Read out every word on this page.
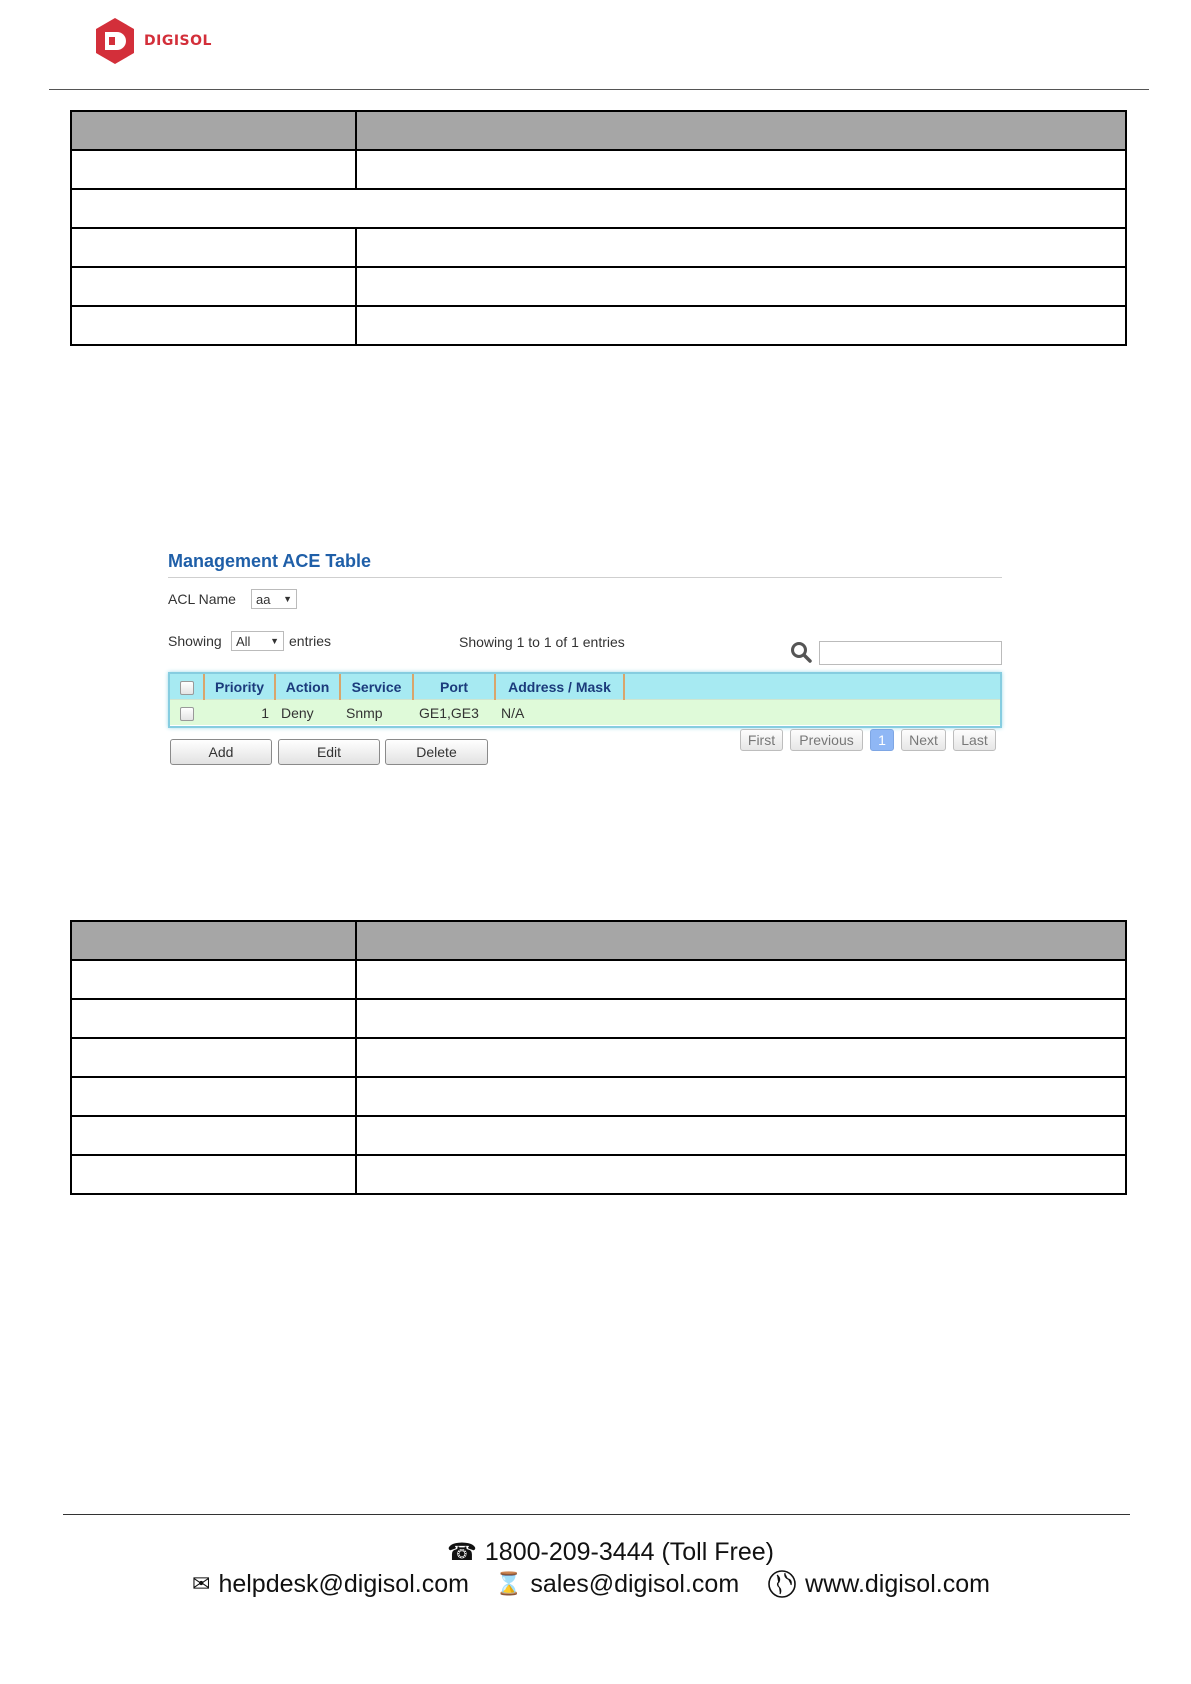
DIGISOL

Management ACE Table
ACL Name aa ▼
Showing All ▼ entries	Showing 1 to 1 of 1 entries
	Priority	Action	Service	Port	Address / Mask	
	1	Deny	Snmp	GE1,GE3	N/A	
Add	Edit	Delete
First	Previous	1	Next	Last

☎ 1800-209-3444 (Toll Free)
✉ helpdesk@digisol.com ⌛ sales@digisol.com	www.digisol.com
